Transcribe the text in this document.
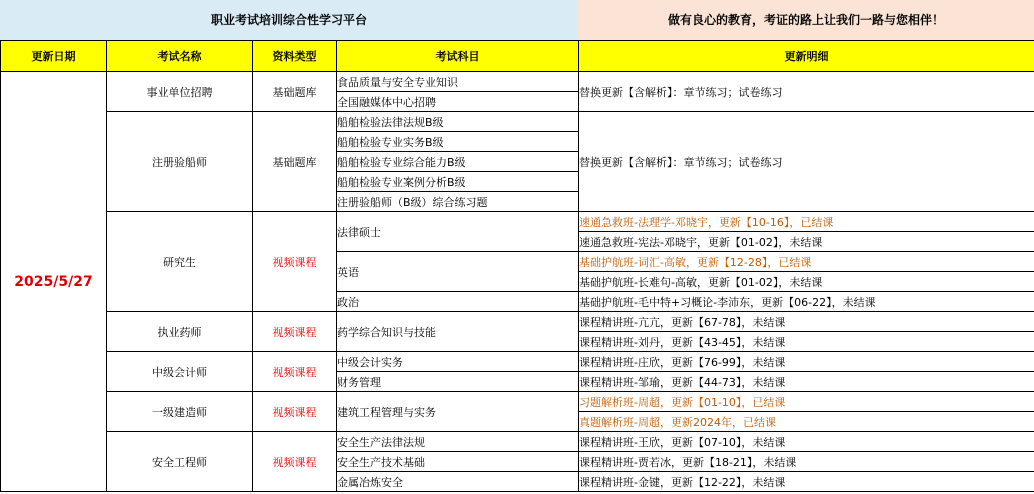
职业考试培训综合性学习平台	做有良心的教育，考证的路上让我们一路与您相伴！
更新日期	考试名称	资料类型	考试科目	更新明细
2025/5/27	事业单位招聘	基础题库	食品质量与安全专业知识	替换更新【含解析】：章节练习；试卷练习
			全国融媒体中心招聘	
	注册验船师	基础题库	船舶检验法律法规B级	替换更新【含解析】：章节练习；试卷练习
			船舶检验专业实务B级	
			船舶检验专业综合能力B级	
			船舶检验专业案例分析B级	
			注册验船师（B级）综合练习题	
	研究生	视频课程	法律硕士	速通急救班-法理学-邓晓宇，更新【10-16】，已结课
				速通急救班-宪法-邓晓宇，更新【01-02】，未结课
			英语	基础护航班-词汇-高敏，更新【12-28】，已结课
				基础护航班-长难句-高敏，更新【01-02】，未结课
			政治	基础护航班-毛中特+习概论-李沛东，更新【06-22】，未结课
	执业药师	视频课程	药学综合知识与技能	课程精讲班-亢亢，更新【67-78】，未结课
				课程精讲班-刘丹，更新【43-45】，未结课
	中级会计师	视频课程	中级会计实务	课程精讲班-庄欣，更新【76-99】，未结课
			财务管理	课程精讲班-邹瑜，更新【44-73】，未结课
	一级建造师	视频课程	建筑工程管理与实务	习题解析班-周超，更新【01-10】，已结课
				真题解析班-周超，更新2024年，已结课
	安全工程师	视频课程	安全生产法律法规	课程精讲班-王欣，更新【07-10】，未结课
			安全生产技术基础	课程精讲班-贾若冰，更新【18-21】，未结课
			金属冶炼安全	课程精讲班-金键，更新【12-22】，未结课
